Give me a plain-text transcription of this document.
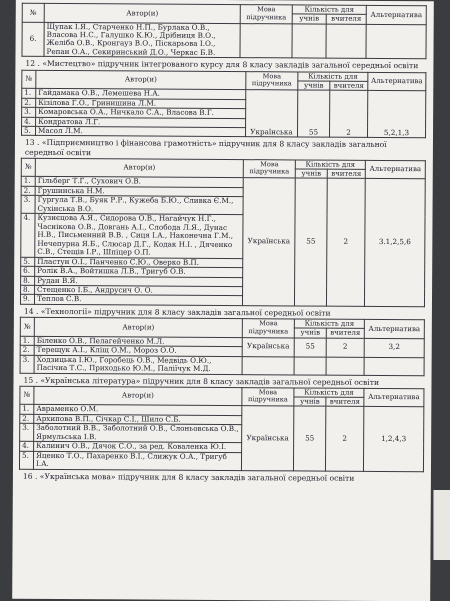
№	Автор(и)	Мова підручника	Кількість для		Альтернатива
			учнів	вчителя	
6.	Щупак І.Я., Старченко Н.П., Бурлака О.В., Власова Н.С., Галушко К.Ю., Дрібниця В.О., Желіба О.В., Кронгауз В.О., Піскарьова І.О., Репан О.А., Секиринський Д.О., Черкас Б.В.				
12 . «Мистецтво» підручник інтегрованого курсу для 8 класу закладів загальної середньої освіти
№	Автор(и)	Мова підручника	Кількість для		Альтернатива
			учнів	вчителя	
1.	Гайдамака О.В., Лемешева Н.А.	Українська	55	2	5,2,1,3
2.	Кізілова Г.О., Гринишина Л.М.				
3.	Комаровська О.А., Ничкало С.А., Власова В.Г.				
4.	Кондратова Л.Г.				
5.	Масол Л.М.				
13 . «Підприємництво і фінансова грамотність» підручник для 8 класу закладів загальної середньої освіти
№	Автор(и)	Мова підручника	Кількість для		Альтернатива
			учнів	вчителя	
1.	Гільберг Т.Г., Сухович О.В.	Українська	55	2	3.1,2,5,6
2.	Грушинська Н.М.				
3.	Гургула Т.В., Буяк Р.Р., Кужеба Б.Ю., Сливка Є.М., Сухінська В.О.				
4.	Кузнєцова А.Я., Сидорова О.В., Нагайчук Н.Г., Часнікова О.В., Довгань А.І., Слобода Л.Я., Дунас Н.В., Письменний В.В. , Сиця І.А., Наконечна Г.М., Нечепурна Я.Б., Слюсар Д.Г., Кодак Н.І. , Дяченко С.В., Стещів І.Р., Шпіцер О.П.				
5.	Пластун О.І., Панченко С.Ю., Оверко В.П.				
6.	Ролік В.А., Войтишка Л.В., Тригуб О.В.				
8.	Рудан В.Я.				
8.	Стещенко І.Б., Андрусич О. О.				
9.	Теплов С.В.				
14 . «Технології» підручник для 8 класу закладів загальної середньої освіти
№	Автор(и)	Мова підручника	Кількість для		Альтернатива
			учнів	вчителя	
1.	Біленко О.В., Пелагейченко М.Л.	Українська	55	2	3,2
2.	Терещук А.І., Кліщ О.М., Мороз О.О.				
3.	Ходзицька І.Ю., Горобець О.В., Медвідь О.Ю., Пасічна Т.С., Приходько Ю.М., Паліїчук М.Д.				
15 . «Українська література» підручник для 8 класу закладів загальної середньої освіти
№	Автор(и)	Мова підручника	Кількість для		Альтернатива
			учнів	вчителя	
1.	Авраменко О.М.	Українська	55	2	1,2,4,3
2.	Архипова В.П., Січкар С.І., Шило С.Б.				
3.	Заболотний В.В., Заболотний О.В., Слоньовська О.В., Ярмульська І.В.				
4.	Калинич О.В., Дячок С.О., за ред. Коваленка Ю.І.				
5.	Яценко Т.О., Пахаренко В.І., Слижук О.А., Тригуб І.А.				
16 . «Українська мова» підручник для 8 класу закладів загальної середньої освіти
